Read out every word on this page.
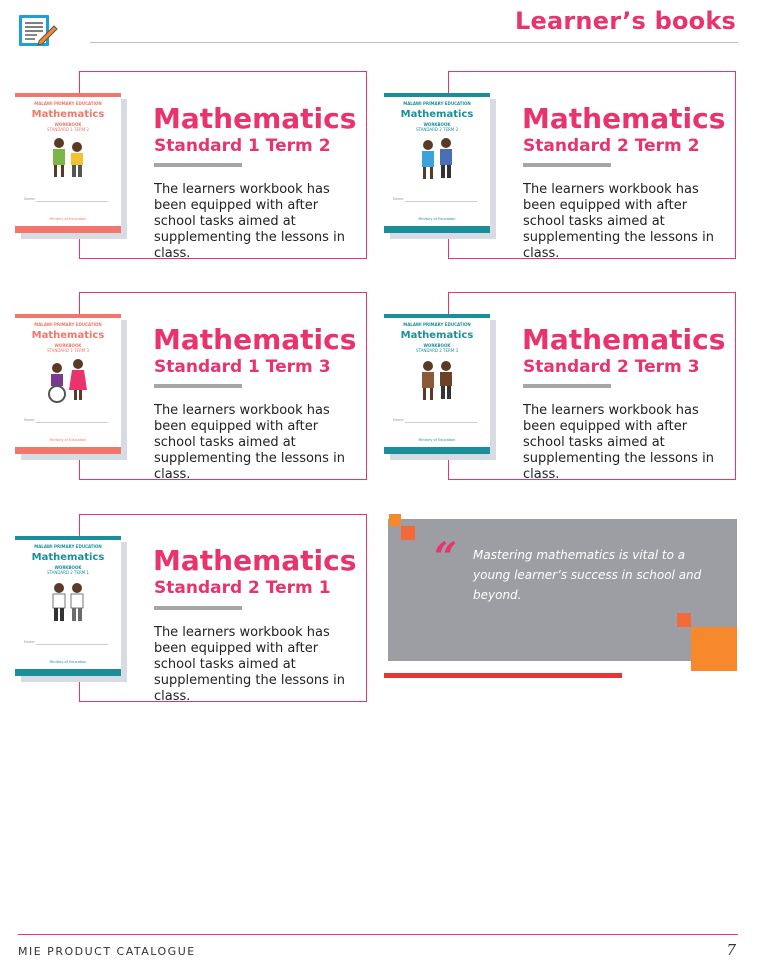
Learner’s books
MALAWI PRIMARY EDUCATION
Mathematics
WORKBOOK
STANDARD 1 TERM 2
Name:
Ministry of Education
Mathematics
Standard 1 Term 2
The learners workbook has been equipped with after school tasks aimed at supplementing the lessons in class.
MALAWI PRIMARY EDUCATION
Mathematics
WORKBOOK
STANDARD 2 TERM 2
Name:
Ministry of Education
Mathematics
Standard 2 Term 2
The learners workbook has been equipped with after school tasks aimed at supplementing the lessons in class.
MALAWI PRIMARY EDUCATION
Mathematics
WORKBOOK
STANDARD 1 TERM 3
Name:
Ministry of Education
Mathematics
Standard 1 Term 3
The learners workbook has been equipped with after school tasks aimed at supplementing the lessons in class.
MALAWI PRIMARY EDUCATION
Mathematics
WORKBOOK
STANDARD 2 TERM 3
Name:
Ministry of Education
Mathematics
Standard 2 Term 3
The learners workbook has been equipped with after school tasks aimed at supplementing the lessons in class.
MALAWI PRIMARY EDUCATION
Mathematics
WORKBOOK
STANDARD 2 TERM 1
Name:
Ministry of Education
Mathematics
Standard 2 Term 1
The learners workbook has been equipped with after school tasks aimed at supplementing the lessons in class.
“ Mastering mathematics is vital to a young learner’s success in school and beyond.
MIE PRODUCT CATALOGUE	7
